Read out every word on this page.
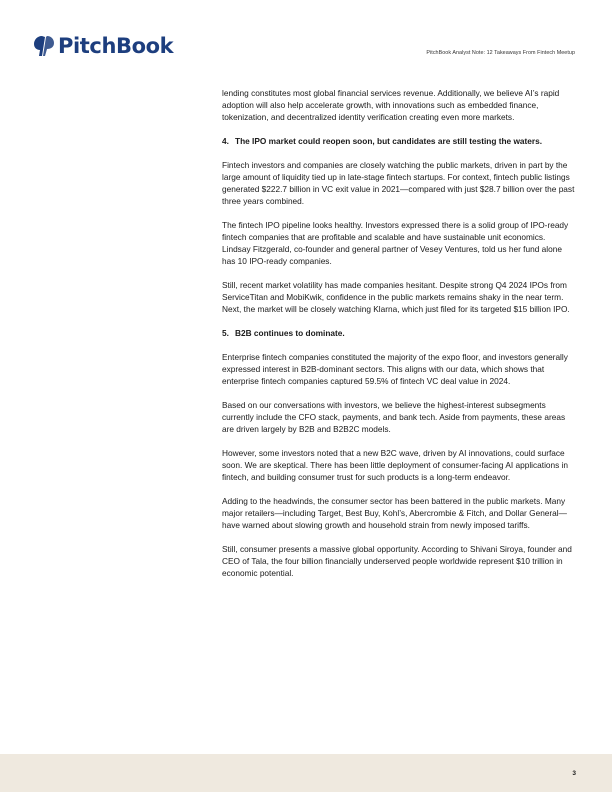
PitchBook	PitchBook Analyst Note: 12 Takeaways From Fintech Meetup

lending constitutes most global financial services revenue. Additionally, we believe AI’s rapid adoption will also help accelerate growth, with innovations such as embedded finance, tokenization, and decentralized identity verification creating even more markets.

4. The IPO market could reopen soon, but candidates are still testing the waters.

Fintech investors and companies are closely watching the public markets, driven in part by the large amount of liquidity tied up in late-stage fintech startups. For context, fintech public listings generated $222.7 billion in VC exit value in 2021—compared with just $28.7 billion over the past three years combined.

The fintech IPO pipeline looks healthy. Investors expressed there is a solid group of IPO-ready fintech companies that are profitable and scalable and have sustainable unit economics. Lindsay Fitzgerald, co-founder and general partner of Vesey Ventures, told us her fund alone has 10 IPO-ready companies.

Still, recent market volatility has made companies hesitant. Despite strong Q4 2024 IPOs from ServiceTitan and MobiKwik, confidence in the public markets remains shaky in the near term. Next, the market will be closely watching Klarna, which just filed for its targeted $15 billion IPO.

5. B2B continues to dominate.

Enterprise fintech companies constituted the majority of the expo floor, and investors generally expressed interest in B2B-dominant sectors. This aligns with our data, which shows that enterprise fintech companies captured 59.5% of fintech VC deal value in 2024.

Based on our conversations with investors, we believe the highest-interest subsegments currently include the CFO stack, payments, and bank tech. Aside from payments, these areas are driven largely by B2B and B2B2C models.

However, some investors noted that a new B2C wave, driven by AI innovations, could surface soon. We are skeptical. There has been little deployment of consumer-facing AI applications in fintech, and building consumer trust for such products is a long-term endeavor.

Adding to the headwinds, the consumer sector has been battered in the public markets. Many major retailers—including Target, Best Buy, Kohl’s, Abercrombie & Fitch, and Dollar General—have warned about slowing growth and household strain from newly imposed tariffs.

Still, consumer presents a massive global opportunity. According to Shivani Siroya, founder and CEO of Tala, the four billion financially underserved people worldwide represent $10 trillion in economic potential.

3
